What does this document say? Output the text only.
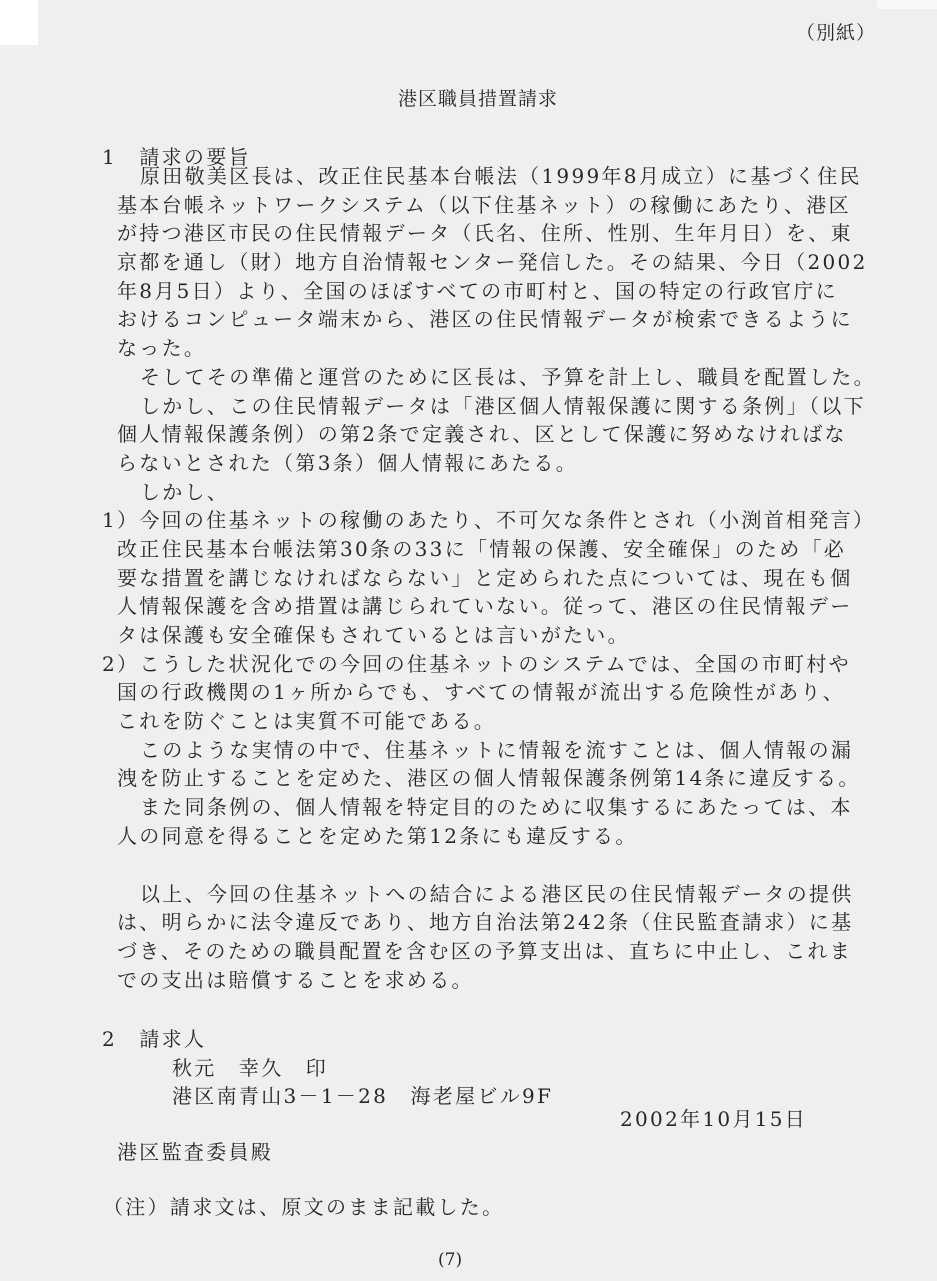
（別紙）
港区職員措置請求
1　請求の要旨
原田敬美区長は、改正住民基本台帳法（1999年8月成立）に基づく住民
基本台帳ネットワークシステム（以下住基ネット）の稼働にあたり、港区
が持つ港区市民の住民情報データ（氏名、住所、性別、生年月日）を、東
京都を通し（財）地方自治情報センター発信した。その結果、今日（2002
年8月5日）より、全国のほぼすべての市町村と、国の特定の行政官庁に
おけるコンピュータ端末から、港区の住民情報データが検索できるように
なった。
そしてその準備と運営のために区長は、予算を計上し、職員を配置した。
しかし、この住民情報データは「港区個人情報保護に関する条例」（以下
個人情報保護条例）の第2条で定義され、区として保護に努めなければな
らないとされた（第3条）個人情報にあたる。
しかし、
1）今回の住基ネットの稼働のあたり、不可欠な条件とされ（小渕首相発言）
改正住民基本台帳法第30条の33に「情報の保護、安全確保」のため「必
要な措置を講じなければならない」と定められた点については、現在も個
人情報保護を含め措置は講じられていない。従って、港区の住民情報デー
タは保護も安全確保もされているとは言いがたい。
2）こうした状況化での今回の住基ネットのシステムでは、全国の市町村や
国の行政機関の1ヶ所からでも、すべての情報が流出する危険性があり、
これを防ぐことは実質不可能である。
このような実情の中で、住基ネットに情報を流すことは、個人情報の漏
洩を防止することを定めた、港区の個人情報保護条例第14条に違反する。
また同条例の、個人情報を特定目的のために収集するにあたっては、本
人の同意を得ることを定めた第12条にも違反する。
以上、今回の住基ネットへの結合による港区民の住民情報データの提供
は、明らかに法令違反であり、地方自治法第242条（住民監査請求）に基
づき、そのための職員配置を含む区の予算支出は、直ちに中止し、これま
での支出は賠償することを求める。
2　請求人
秋元　幸久　印
港区南青山3－1－28　海老屋ビル9F
2002年10月15日
港区監査委員殿
（注）請求文は、原文のまま記載した。
(7)
